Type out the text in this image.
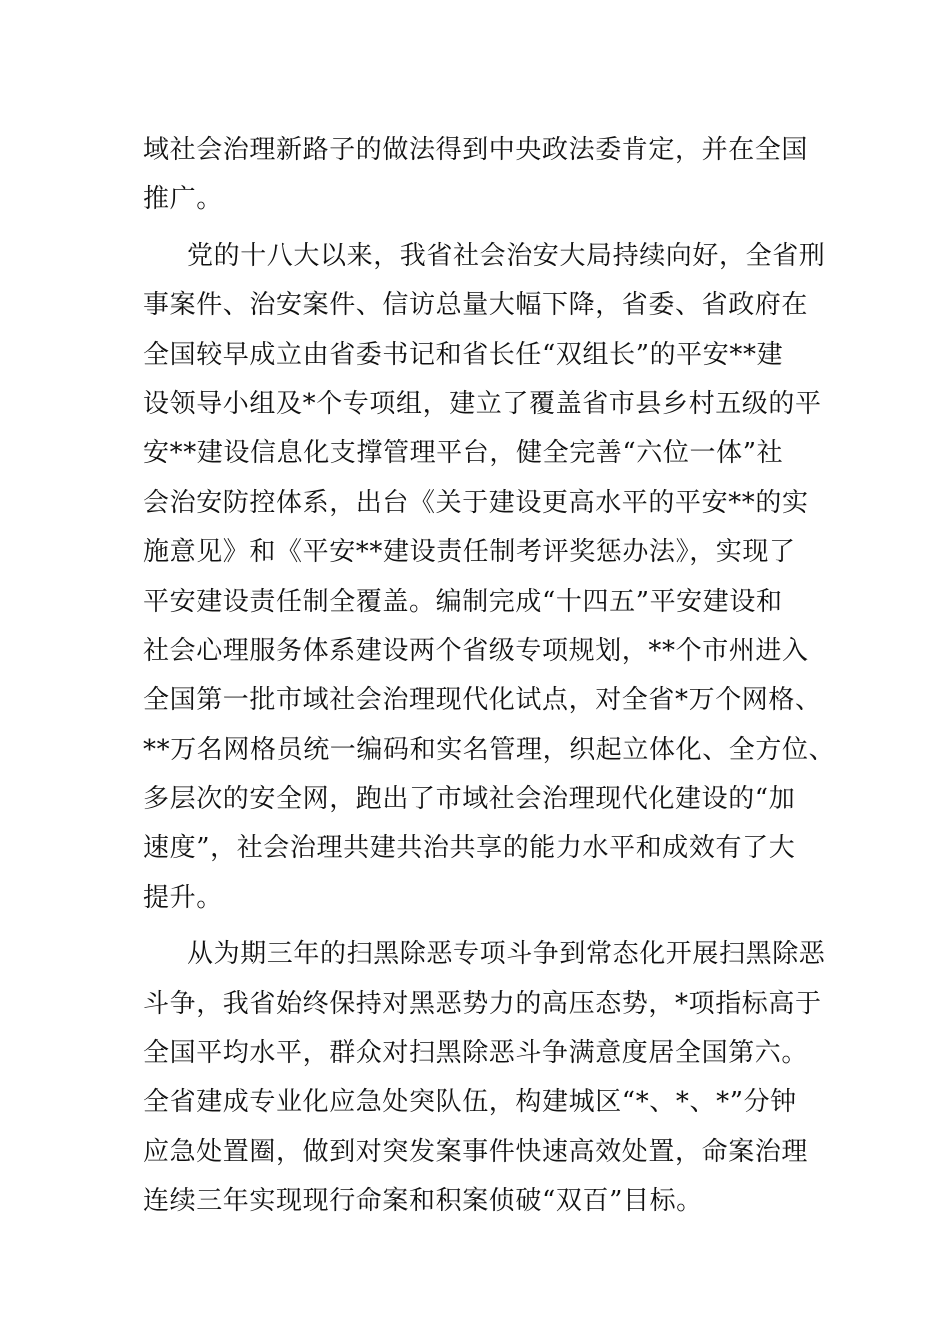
域社会治理新路子的做法得到中央政法委肯定，并在全国
推广。
党的十八大以来，我省社会治安大局持续向好，全省刑
事案件、治安案件、信访总量大幅下降，省委、省政府在
全国较早成立由省委书记和省长任“双组长”的平安**建
设领导小组及*个专项组，建立了覆盖省市县乡村五级的平
安**建设信息化支撑管理平台，健全完善“六位一体”社
会治安防控体系，出台《关于建设更高水平的平安**的实
施意见》和《平安**建设责任制考评奖惩办法》，实现了
平安建设责任制全覆盖。编制完成“十四五”平安建设和
社会心理服务体系建设两个省级专项规划，**个市州进入
全国第一批市域社会治理现代化试点，对全省*万个网格、
**万名网格员统一编码和实名管理，织起立体化、全方位、
多层次的安全网，跑出了市域社会治理现代化建设的“加
速度”，社会治理共建共治共享的能力水平和成效有了大
提升。
从为期三年的扫黑除恶专项斗争到常态化开展扫黑除恶
斗争，我省始终保持对黑恶势力的高压态势，*项指标高于
全国平均水平，群众对扫黑除恶斗争满意度居全国第六。
全省建成专业化应急处突队伍，构建城区“*、*、*”分钟
应急处置圈，做到对突发案事件快速高效处置，命案治理
连续三年实现现行命案和积案侦破“双百”目标。
